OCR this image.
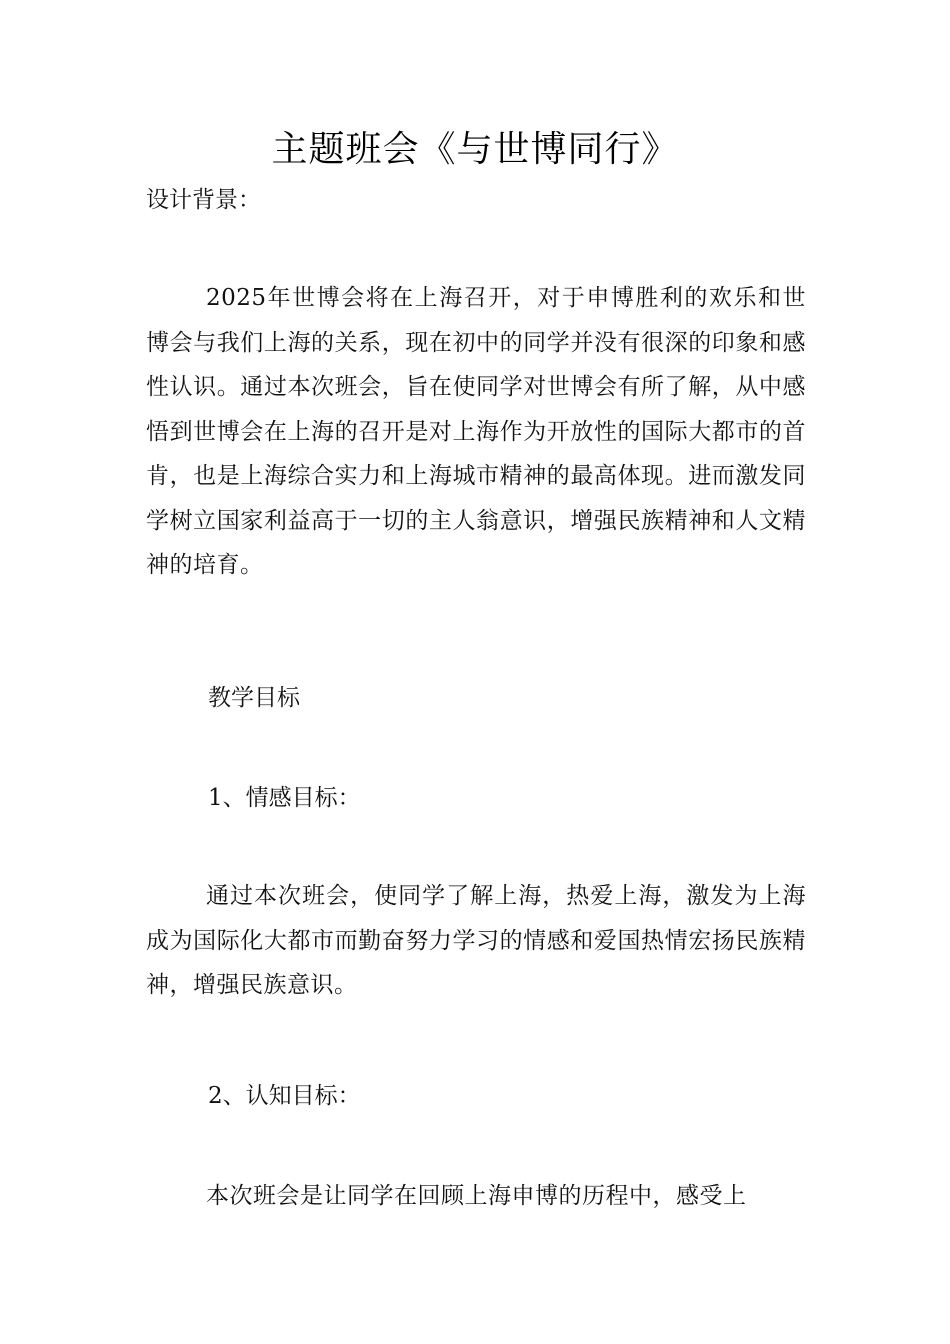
主题班会《与世博同行》
设计背景：
2025年世博会将在上海召开，对于申博胜利的欢乐和世博会与我们上海的关系，现在初中的同学并没有很深的印象和感性认识。通过本次班会，旨在使同学对世博会有所了解，从中感悟到世博会在上海的召开是对上海作为开放性的国际大都市的首肯，也是上海综合实力和上海城市精神的最高体现。进而激发同学树立国家利益高于一切的主人翁意识，增强民族精神和人文精神的培育。
教学目标
1、情感目标：
通过本次班会，使同学了解上海，热爱上海，激发为上海成为国际化大都市而勤奋努力学习的情感和爱国热情宏扬民族精神，增强民族意识。
2、认知目标：
本次班会是让同学在回顾上海申博的历程中，感受上
